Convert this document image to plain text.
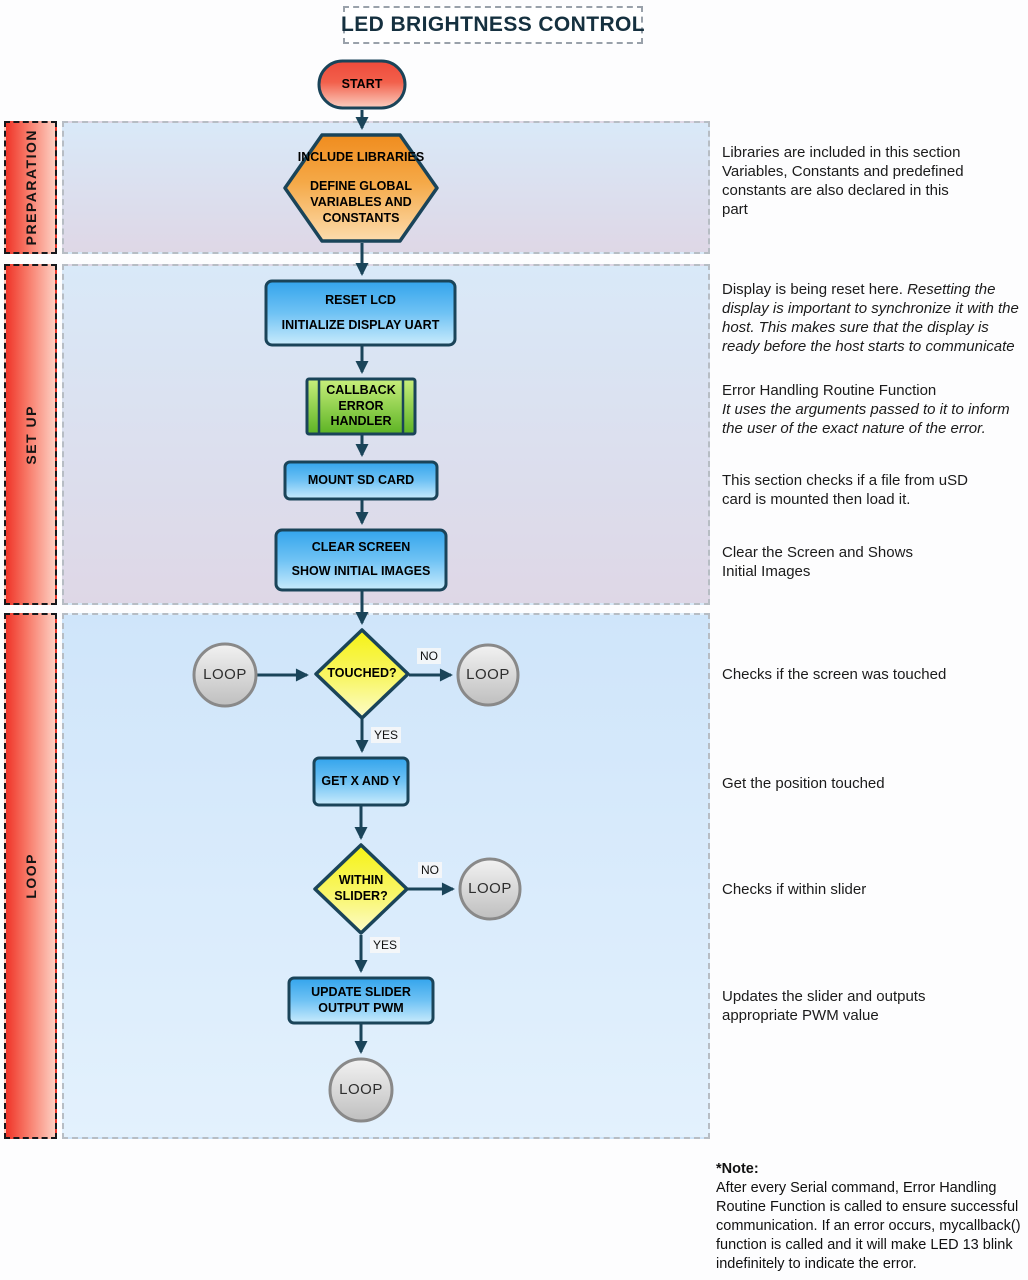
LED BRIGHTNESS CONTROL
PREPARATION
SET UP
LOOP
START
INCLUDE LIBRARIES
DEFINE GLOBAL VARIABLES AND CONSTANTS
RESET LCD
INITIALIZE DISPLAY UART
CALLBACK ERROR HANDLER
MOUNT SD CARD
CLEAR SCREEN
SHOW INITIAL IMAGES
TOUCHED?
GET X AND Y
WITHIN SLIDER?
UPDATE SLIDER OUTPUT PWM
LOOP	LOOP
LOOP
LOOP
NO
YES
NO
YES
Libraries are included in this section
Variables, Constants and predefined constants are also declared in this part
Display is being reset here. Resetting the display is important to synchronize it with the host. This makes sure that the display is ready before the host starts to communicate
Error Handling Routine Function
It uses the arguments passed to it to inform the user of the exact nature of the error.
This section checks if a file from uSD card is mounted then load it.
Clear the Screen and Shows Initial Images
Checks if the screen was touched
Get the position touched
Checks if within slider
Updates the slider and outputs appropriate PWM value
*Note:
After every Serial command, Error Handling Routine Function is called to ensure successful communication. If an error occurs, mycallback() function is called and it will make LED 13 blink indefinitely to indicate the error.
